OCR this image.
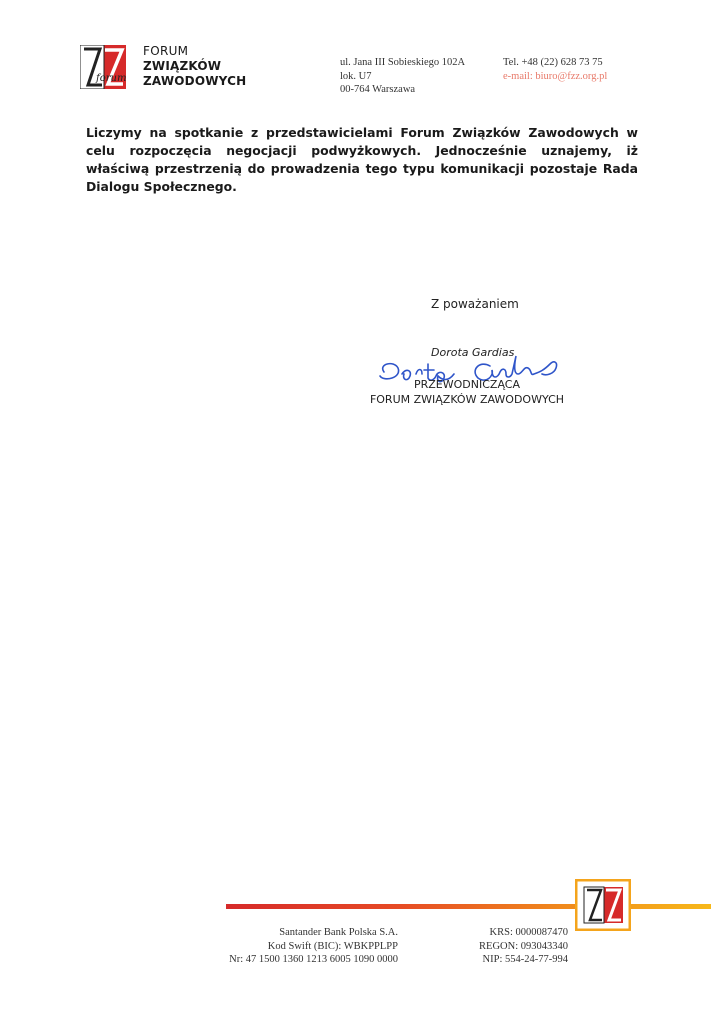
forum
FORUM
ZWIĄZKÓW
ZAWODOWYCH
ul. Jana III Sobieskiego 102A
lok. U7
00-764 Warszawa
Tel. +48 (22) 628 73 75
e-mail: biuro@fzz.org.pl
Liczymy na spotkanie z przedstawicielami Forum Związków Zawodowych w celu rozpoczęcia negocjacji podwyżkowych. Jednocześnie uznajemy, iż właściwą przestrzenią do prowadzenia tego typu komunikacji pozostaje Rada Dialogu Społecznego.
Z poważaniem
Dorota Gardias
PRZEWODNICZĄCA
FORUM ZWIĄZKÓW ZAWODOWYCH
Santander Bank Polska S.A.
Kod Swift (BIC): WBKPPLPP
Nr: 47 1500 1360 1213 6005 1090 0000
KRS: 0000087470
REGON: 093043340
NIP: 554-24-77-994
